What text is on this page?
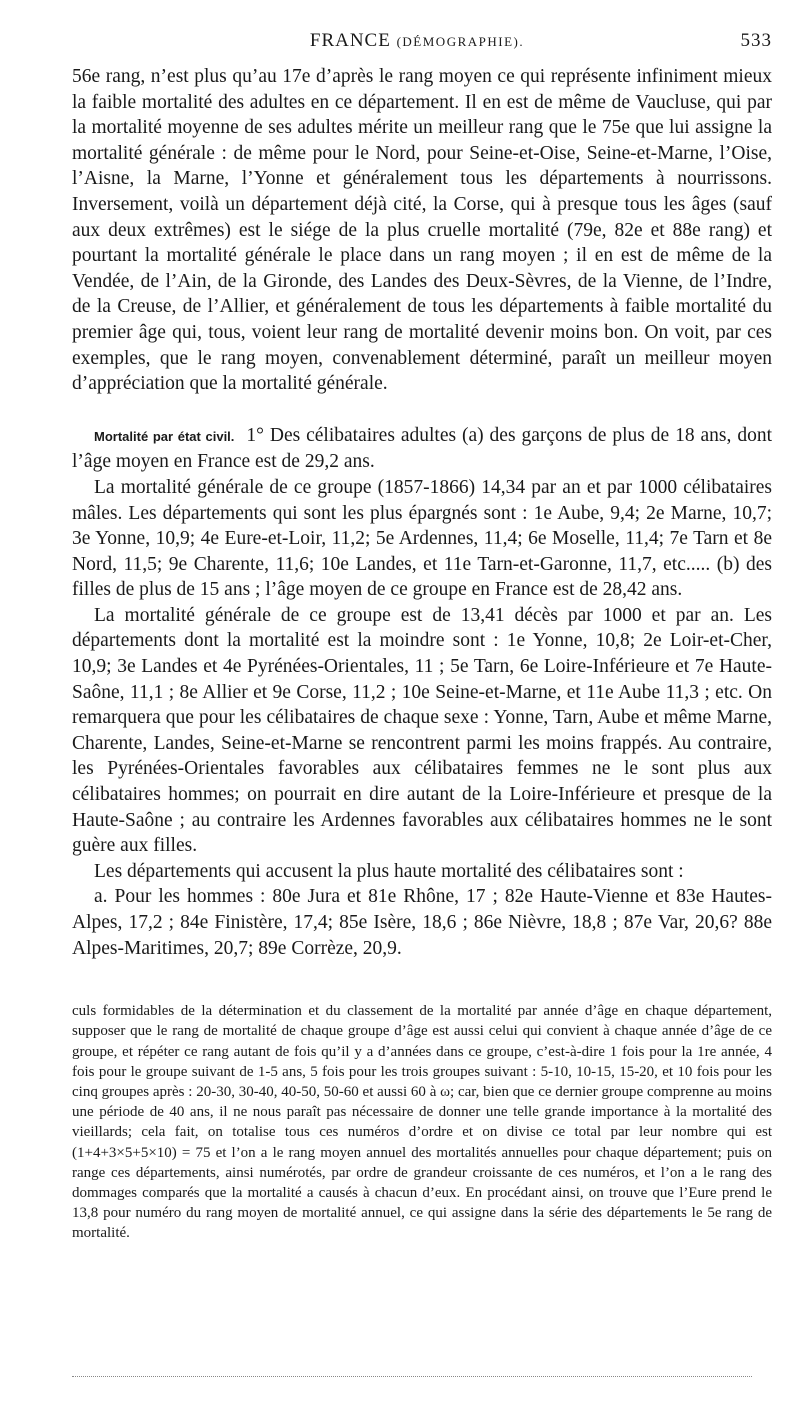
FRANCE (DÉMOGRAPHIE).	533

56e rang, n’est plus qu’au 17e d’après le rang moyen ce qui représente infiniment mieux la faible mortalité des adultes en ce département. Il en est de même de Vaucluse, qui par la mortalité moyenne de ses adultes mérite un meilleur rang que le 75e que lui assigne la mortalité générale : de même pour le Nord, pour Seine-et-Oise, Seine-et-Marne, l’Oise, l’Aisne, la Marne, l’Yonne et généralement tous les départements à nourrissons. Inversement, voilà un département déjà cité, la Corse, qui à presque tous les âges (sauf aux deux extrêmes) est le siége de la plus cruelle mortalité (79e, 82e et 88e rang) et pourtant la mortalité générale le place dans un rang moyen ; il en est de même de la Vendée, de l’Ain, de la Gironde, des Landes des Deux-Sèvres, de la Vienne, de l’Indre, de la Creuse, de l’Allier, et généralement de tous les départements à faible mortalité du premier âge qui, tous, voient leur rang de mortalité devenir moins bon. On voit, par ces exemples, que le rang moyen, convenablement déterminé, paraît un meilleur moyen d’appréciation que la mortalité générale.

Mortalité par état civil. 1° Des célibataires adultes (a) des garçons de plus de 18 ans, dont l’âge moyen en France est de 29,2 ans.

La mortalité générale de ce groupe (1857-1866) 14,34 par an et par 1000 célibataires mâles. Les départements qui sont les plus épargnés sont : 1e Aube, 9,4; 2e Marne, 10,7; 3e Yonne, 10,9; 4e Eure-et-Loir, 11,2; 5e Ardennes, 11,4; 6e Moselle, 11,4; 7e Tarn et 8e Nord, 11,5; 9e Charente, 11,6; 10e Landes, et 11e Tarn-et-Garonne, 11,7, etc..... (b) des filles de plus de 15 ans ; l’âge moyen de ce groupe en France est de 28,42 ans.

La mortalité générale de ce groupe est de 13,41 décès par 1000 et par an. Les départements dont la mortalité est la moindre sont : 1e Yonne, 10,8; 2e Loir-et-Cher, 10,9; 3e Landes et 4e Pyrénées-Orientales, 11 ; 5e Tarn, 6e Loire-Inférieure et 7e Haute-Saône, 11,1 ; 8e Allier et 9e Corse, 11,2 ; 10e Seine-et-Marne, et 11e Aube 11,3 ; etc. On remarquera que pour les célibataires de chaque sexe : Yonne, Tarn, Aube et même Marne, Charente, Landes, Seine-et-Marne se rencontrent parmi les moins frappés. Au contraire, les Pyrénées-Orientales favorables aux célibataires femmes ne le sont plus aux célibataires hommes; on pourrait en dire autant de la Loire-Inférieure et presque de la Haute-Saône ; au contraire les Ardennes favorables aux célibataires hommes ne le sont guère aux filles.

Les départements qui accusent la plus haute mortalité des célibataires sont :

a. Pour les hommes : 80e Jura et 81e Rhône, 17 ; 82e Haute-Vienne et 83e Hautes-Alpes, 17,2 ; 84e Finistère, 17,4; 85e Isère, 18,6 ; 86e Nièvre, 18,8 ; 87e Var, 20,6? 88e Alpes-Maritimes, 20,7; 89e Corrèze, 20,9.

culs formidables de la détermination et du classement de la mortalité par année d’âge en chaque département, supposer que le rang de mortalité de chaque groupe d’âge est aussi celui qui convient à chaque année d’âge de ce groupe, et répéter ce rang autant de fois qu’il y a d’années dans ce groupe, c’est-à-dire 1 fois pour la 1re année, 4 fois pour le groupe suivant de 1-5 ans, 5 fois pour les trois groupes suivant : 5-10, 10-15, 15-20, et 10 fois pour les cinq groupes après : 20-30, 30-40, 40-50, 50-60 et aussi 60 à ω; car, bien que ce dernier groupe comprenne au moins une période de 40 ans, il ne nous paraît pas nécessaire de donner une telle grande importance à la mortalité des vieillards; cela fait, on totalise tous ces numéros d’ordre et on divise ce total par leur nombre qui est (1+4+3×5+5×10) = 75 et l’on a le rang moyen annuel des mortalités annuelles pour chaque département; puis on range ces départements, ainsi numérotés, par ordre de grandeur croissante de ces numéros, et l’on a le rang des dommages comparés que la mortalité a causés à chacun d’eux. En procédant ainsi, on trouve que l’Eure prend le 13,8 pour numéro du rang moyen de mortalité annuel, ce qui assigne dans la série des départements le 5e rang de mortalité.
